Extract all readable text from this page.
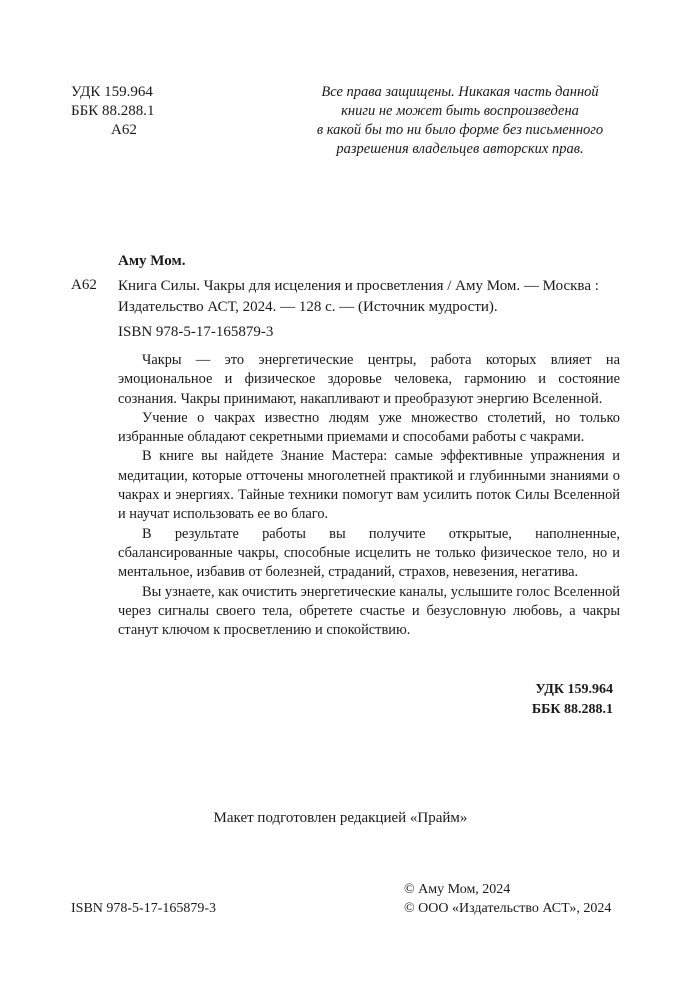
УДК 159.964
ББК 88.288.1
А62
Все права защищены. Никакая часть данной
книги не может быть воспроизведена
в какой бы то ни было форме без письменного
разрешения владельцев авторских прав.
Аму Мом.
А62 Книга Силы. Чакры для исцеления и просветления / Аму Мом. — Москва : Издательство АСТ, 2024. — 128 с. — (Источник мудрости).
ISBN 978-5-17-165879-3

Чакры — это энергетические центры, работа которых влияет на эмоциональное и физическое здоровье человека, гармонию и состояние сознания. Чакры принимают, накапливают и преобразуют энергию Вселенной.

Учение о чакрах известно людям уже множество столетий, но только избранные обладают секретными приемами и способами работы с чакрами.

В книге вы найдете Знание Мастера: самые эффективные упражнения и медитации, которые отточены многолетней практикой и глубинными знаниями о чакрах и энергиях. Тайные техники помогут вам усилить поток Силы Вселенной и научат использовать ее во благо.

В результате работы вы получите открытые, наполненные, сбалансированные чакры, способные исцелить не только физическое тело, но и ментальное, избавив от болезней, страданий, страхов, невезения, негатива.

Вы узнаете, как очистить энергетические каналы, услышите голос Вселенной через сигналы своего тела, обретете счастье и безусловную любовь, а чакры станут ключом к просветлению и спокойствию.

УДК 159.964
ББК 88.288.1
Макет подготовлен редакцией «Прайм»
ISBN 978-5-17-165879-3
© Аму Мом, 2024
© ООО «Издательство АСТ», 2024
